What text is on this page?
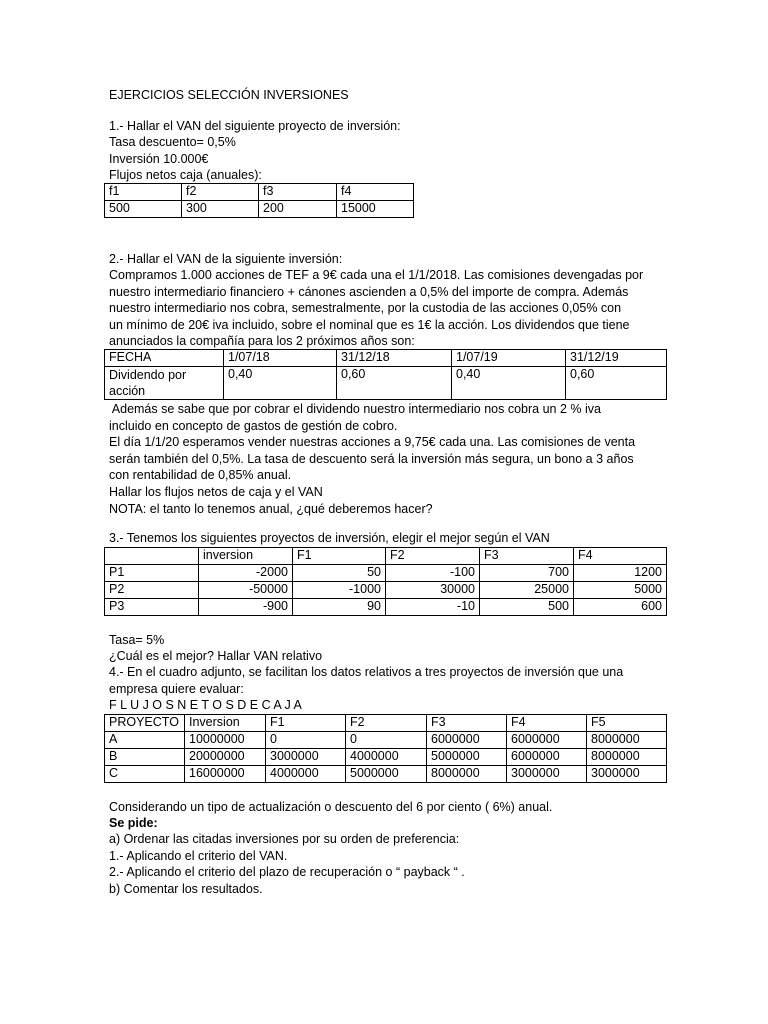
EJERCICIOS SELECCIÓN INVERSIONES
1.- Hallar el VAN del siguiente proyecto de inversión:
Tasa descuento= 0,5%
Inversión 10.000€
Flujos netos caja (anuales):
f1	f2	f3	f4
500	300	200	15000
2.- Hallar el VAN de la siguiente inversión:
Compramos 1.000 acciones de TEF a 9€ cada una el 1/1/2018. Las comisiones devengadas por
nuestro intermediario financiero + cánones ascienden a 0,5% del importe de compra. Además
nuestro intermediario nos cobra, semestralmente, por la custodia de las acciones 0,05% con
un mínimo de 20€ iva incluido, sobre el nominal que es 1€ la acción. Los dividendos que tiene
anunciados la compañía para los 2 próximos años son:
FECHA	1/07/18	31/12/18	1/07/19	31/12/19
Dividendo por acción	0,40	0,60	0,40	0,60
Además se sabe que por cobrar el dividendo nuestro intermediario nos cobra un 2 % iva
incluido en concepto de gastos de gestión de cobro.
El día 1/1/20 esperamos vender nuestras acciones a 9,75€ cada una. Las comisiones de venta
serán también del 0,5%. La tasa de descuento será la inversión más segura, un bono a 3 años
con rentabilidad de 0,85% anual.
Hallar los flujos netos de caja y el VAN
NOTA: el tanto lo tenemos anual, ¿qué deberemos hacer?
3.- Tenemos los siguientes proyectos de inversión, elegir el mejor según el VAN
	inversion	F1	F2	F3	F4
P1	-2000	50	-100	700	1200
P2	-50000	-1000	30000	25000	5000
P3	-900	90	-10	500	600
Tasa= 5%
¿Cuál es el mejor? Hallar VAN relativo
4.- En el cuadro adjunto, se facilitan los datos relativos a tres proyectos de inversión que una
empresa quiere evaluar:
F L U J O S N E T O S D E C A J A
PROYECTO	Inversion	F1	F2	F3	F4	F5
A	10000000	0	0	6000000	6000000	8000000
B	20000000	3000000	4000000	5000000	6000000	8000000
C	16000000	4000000	5000000	8000000	3000000	3000000
Considerando un tipo de actualización o descuento del 6 por ciento ( 6%) anual.
Se pide:
a) Ordenar las citadas inversiones por su orden de preferencia:
1.- Aplicando el criterio del VAN.
2.- Aplicando el criterio del plazo de recuperación o “ payback “ .
b) Comentar los resultados.
